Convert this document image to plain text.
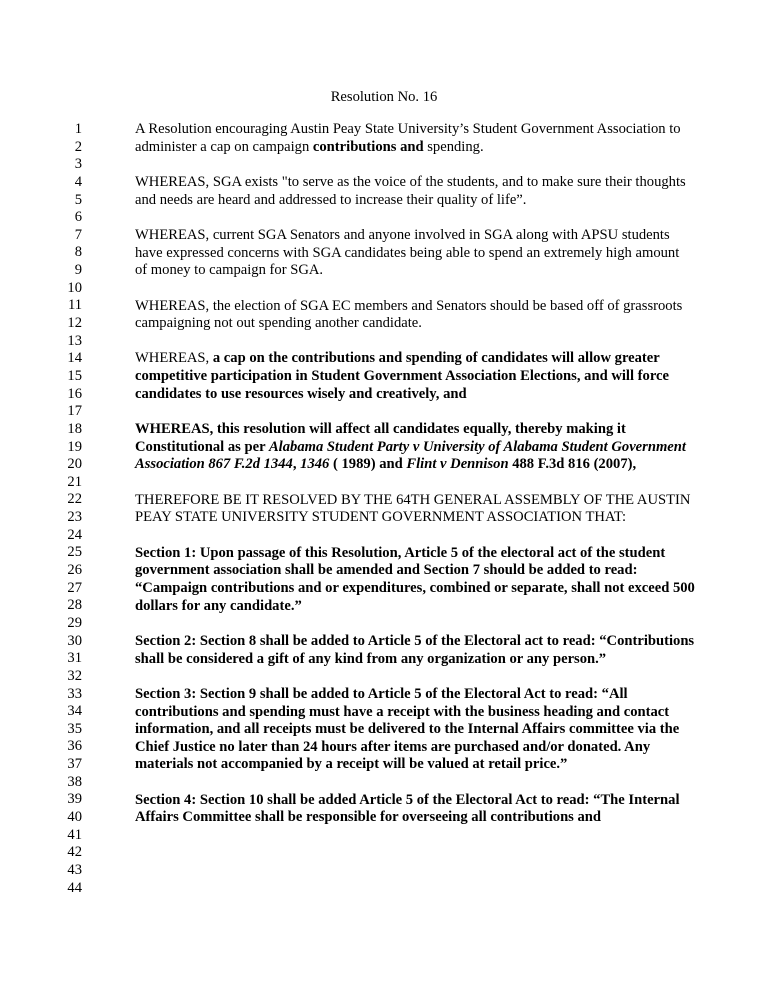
Resolution No. 16
1
2
3
4
5
6
7
8
9
10
11
12
13
14
15
16
17
18
19
20
21
22
23
24
25
26
27
28
29
30
31
32
33
34
35
36
37
38
39
40
41
42
43
44
A Resolution encouraging Austin Peay State University’s Student Government Association to administer a cap on campaign contributions and spending.
WHEREAS, SGA exists "to serve as the voice of the students, and to make sure their thoughts and needs are heard and addressed to increase their quality of life”.
WHEREAS, current SGA Senators and anyone involved in SGA along with APSU students have expressed concerns with SGA candidates being able to spend an extremely high amount of money to campaign for SGA.
WHEREAS, the election of SGA EC members and Senators should be based off of grassroots campaigning not out spending another candidate.
WHEREAS, a cap on the contributions and spending of candidates will allow greater competitive participation in Student Government Association Elections, and will force candidates to use resources wisely and creatively, and
WHEREAS, this resolution will affect all candidates equally, thereby making it Constitutional as per Alabama Student Party v University of Alabama Student Government Association 867 F.2d 1344, 1346 ( 1989) and Flint v Dennison 488 F.3d 816 (2007),
THEREFORE BE IT RESOLVED BY THE 64TH GENERAL ASSEMBLY OF THE AUSTIN PEAY STATE UNIVERSITY STUDENT GOVERNMENT ASSOCIATION THAT:
Section 1: Upon passage of this Resolution, Article 5 of the electoral act of the student government association shall be amended and Section 7 should be added to read: “Campaign contributions and or expenditures, combined or separate, shall not exceed 500 dollars for any candidate.”
Section 2: Section 8 shall be added to Article 5 of the Electoral act to read: “Contributions shall be considered a gift of any kind from any organization or any person.”
Section 3: Section 9 shall be added to Article 5 of the Electoral Act to read: “All contributions and spending must have a receipt with the business heading and contact information, and all receipts must be delivered to the Internal Affairs committee via the Chief Justice no later than 24 hours after items are purchased and/or donated. Any materials not accompanied by a receipt will be valued at retail price.”
Section 4: Section 10 shall be added Article 5 of the Electoral Act to read: “The Internal Affairs Committee shall be responsible for overseeing all contributions and
